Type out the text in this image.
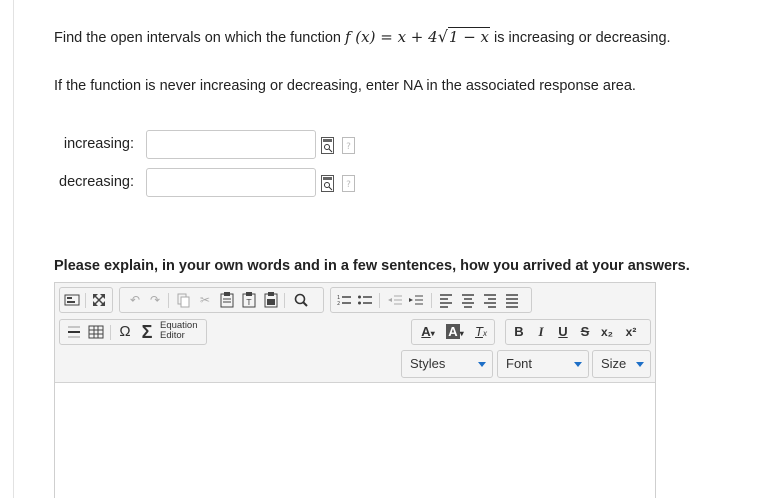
Find the open intervals on which the function f (x) = x + 4√1 − x is increasing or decreasing.
If the function is never increasing or decreasing, enter NA in the associated response area.
increasing:	?
decreasing:	?
Please explain, in your own words and in a few sentences, how you arrived at your answers.
↶ ↷	✂	T	1
2
Ω Σ Equation
Editor	A▾	A ▾ Tx	B	I	U S x₂	x²
Styles	Font	Size
